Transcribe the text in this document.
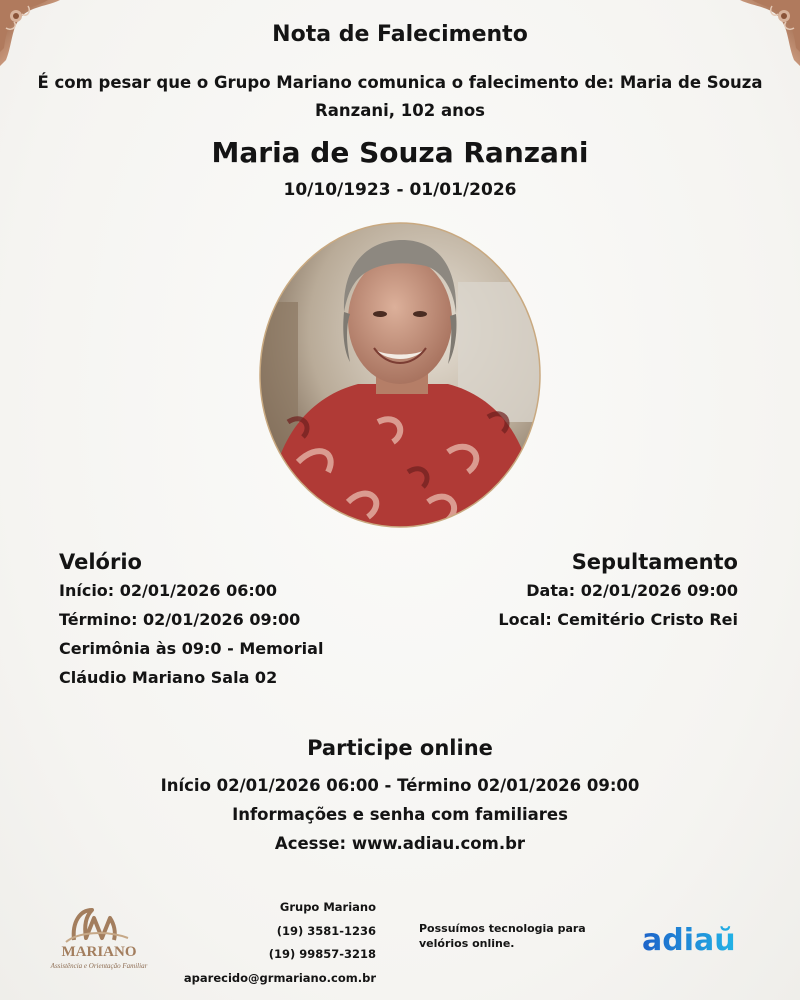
Nota de Falecimento
É com pesar que o Grupo Mariano comunica o falecimento de: Maria de Souza Ranzani, 102 anos
Maria de Souza Ranzani
10/10/1923 - 01/01/2026
Velório
Início: 02/01/2026 06:00
Término: 02/01/2026 09:00
Cerimônia às 09:0 - Memorial
Cláudio Mariano Sala 02
Sepultamento
Data: 02/01/2026 09:00
Local: Cemitério Cristo Rei
Participe online
Início 02/01/2026 06:00 - Término 02/01/2026 09:00
Informações e senha com familiares
Acesse: www.adiau.com.br
MARIANO
Assistência e Orientação Familiar
Grupo Mariano
(19) 3581-1236
(19) 99857-3218
aparecido@grmariano.com.br
Possuímos tecnologia para velórios online.	adiaŭ
